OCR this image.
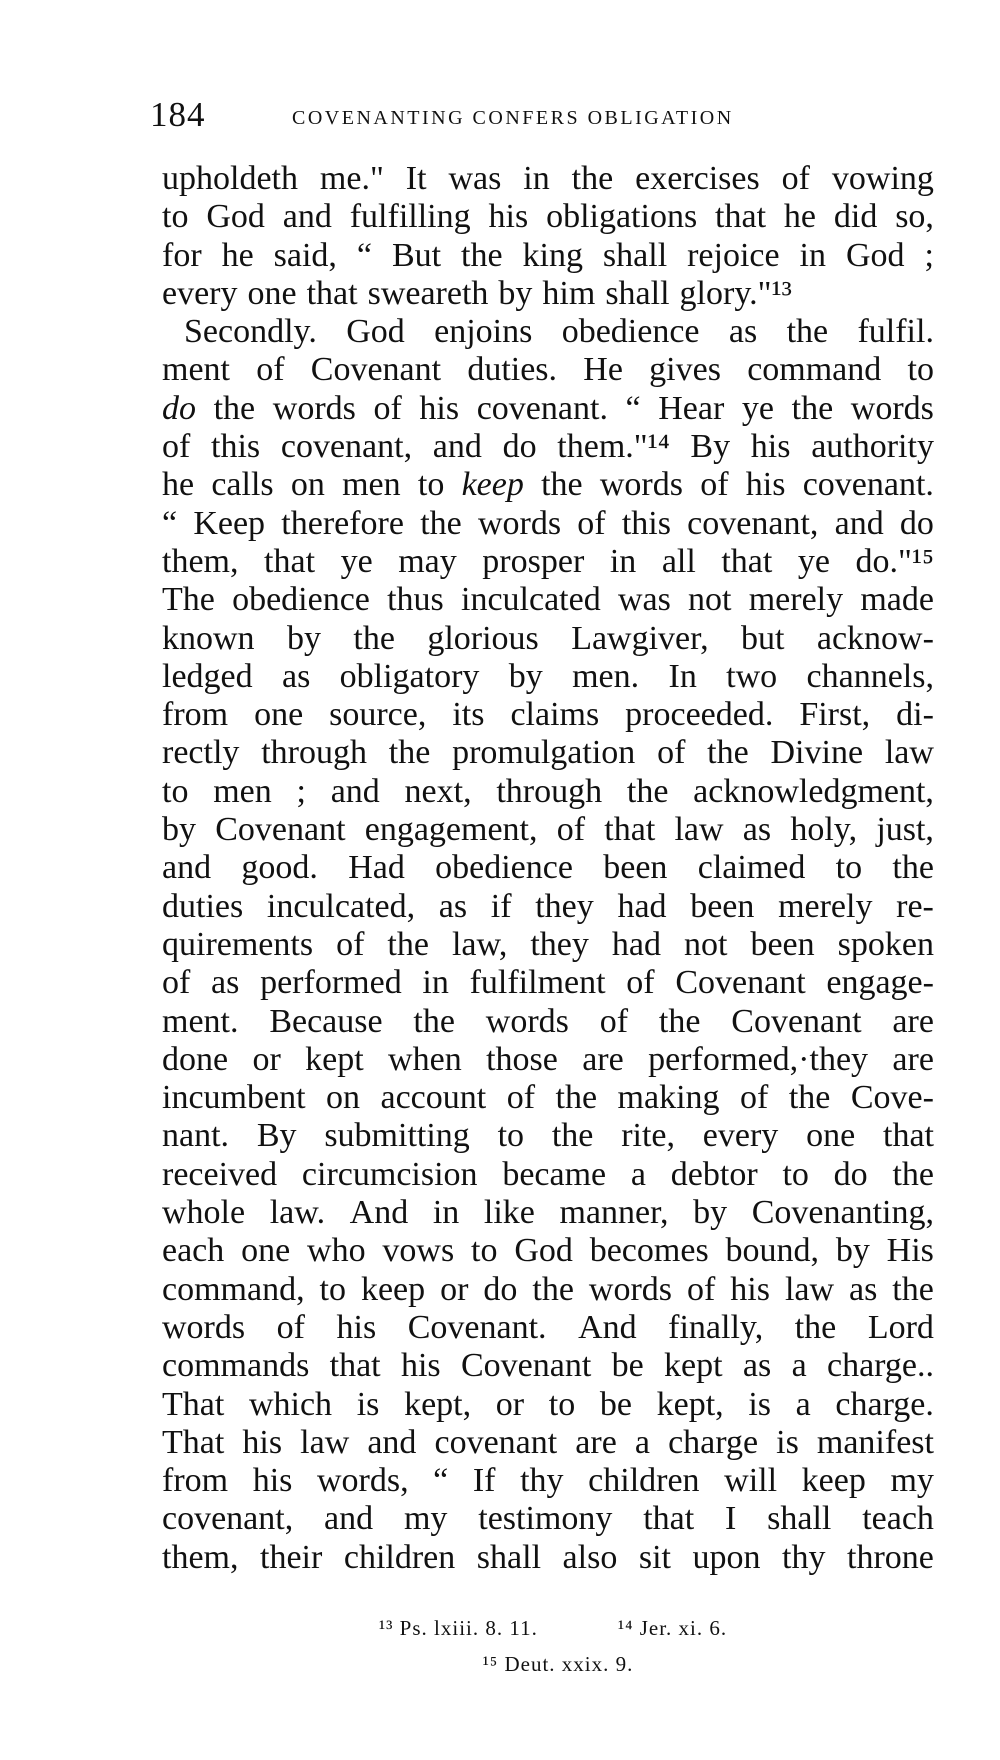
184	COVENANTING CONFERS OBLIGATION
upholdeth me." It was in the exercises of vowing
to God and fulfilling his obligations that he did so,
for he said, “ But the king shall rejoice in God ;
every one that sweareth by him shall glory."¹³
Secondly. God enjoins obedience as the fulfil.
ment of Covenant duties. He gives command to
do the words of his covenant. “ Hear ye the words
of this covenant, and do them."¹⁴ By his authority
he calls on men to keep the words of his covenant.
“ Keep therefore the words of this covenant, and do
them, that ye may prosper in all that ye do."¹⁵
The obedience thus inculcated was not merely made
known by the glorious Lawgiver, but acknow-
ledged as obligatory by men. In two channels,
from one source, its claims proceeded. First, di-
rectly through the promulgation of the Divine law
to men ; and next, through the acknowledgment,
by Covenant engagement, of that law as holy, just,
and good. Had obedience been claimed to the
duties inculcated, as if they had been merely re-
quirements of the law, they had not been spoken
of as performed in fulfilment of Covenant engage-
ment. Because the words of the Covenant are
done or kept when those are performed,·they are
incumbent on account of the making of the Cove-
nant. By submitting to the rite, every one that
received circumcision became a debtor to do the
whole law. And in like manner, by Covenanting,
each one who vows to God becomes bound, by His
command, to keep or do the words of his law as the
words of his Covenant. And finally, the Lord
commands that his Covenant be kept as a charge..
That which is kept, or to be kept, is a charge.
That his law and covenant are a charge is manifest
from his words, “ If thy children will keep my
covenant, and my testimony that I shall teach
them, their children shall also sit upon thy throne
¹³ Ps. lxiii. 8. 11.	¹⁴ Jer. xi. 6.
¹⁵ Deut. xxix. 9.
